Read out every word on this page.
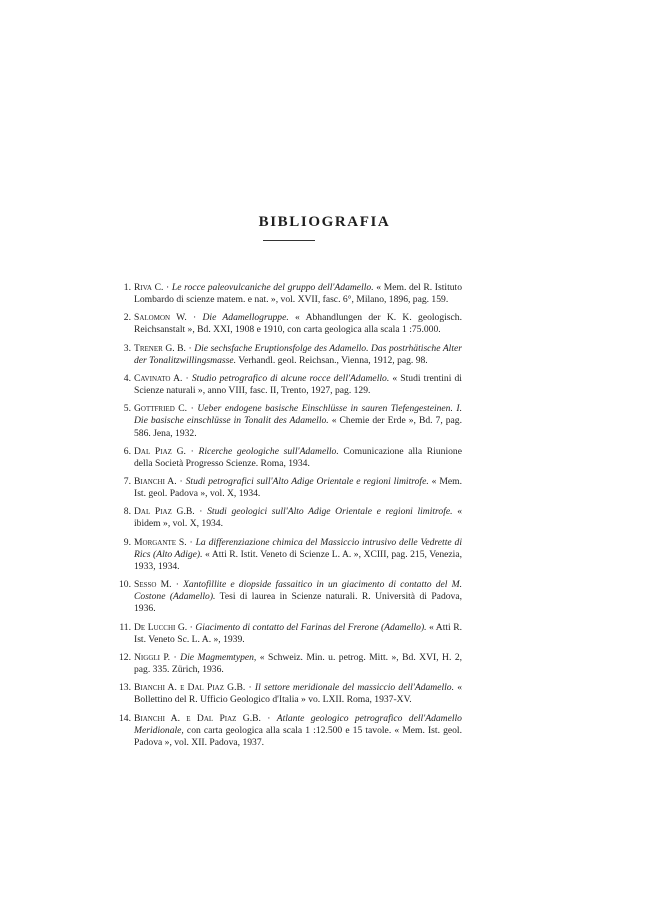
BIBLIOGRAFIA
1. Riva C. · Le rocce paleovulcaniche del gruppo dell'Adamello. « Mem. del R. Istituto Lombardo di scienze matem. e nat. », vol. XVII, fasc. 6°, Milano, 1896, pag. 159.
2. Salomon W. · Die Adamellogruppe. « Abhandlungen der K. K. geologisch. Reichsanstalt », Bd. XXI, 1908 e 1910, con carta geologica alla scala 1 :75.000.
3. Trener G. B. · Die sechsfache Eruptionsfolge des Adamello. Das postrhätische Alter der Tonalitzwillingsmasse. Verhandl. geol. Reichsan., Vienna, 1912, pag. 98.
4. Cavinato A. · Studio petrografico di alcune rocce dell'Adamello. « Studi trentini di Scienze naturali », anno VIII, fasc. II, Trento, 1927, pag. 129.
5. Gottfried C. · Ueber endogene basische Einschlüsse in sauren Tiefengesteinen. I. Die basische einschlüsse in Tonalit des Adamello. « Chemie der Erde », Bd. 7, pag. 586. Jena, 1932.
6. Dal Piaz G. · Ricerche geologiche sull'Adamello. Comunicazione alla Riunione della Società Progresso Scienze. Roma, 1934.
7. Bianchi A. · Studi petrografici sull'Alto Adige Orientale e regioni limitrofe. « Mem. Ist. geol. Padova », vol. X, 1934.
8. Dal Piaz G.B. · Studi geologici sull'Alto Adige Orientale e regioni limitrofe. « ibidem », vol. X, 1934.
9. Morgante S. · La differenziazione chimica del Massiccio intrusivo delle Vedrette di Rics (Alto Adige). « Atti R. Istit. Veneto di Scienze L. A. », XCIII, pag. 215, Venezia, 1933, 1934.
10. Sesso M. · Xantofillite e diopside fassaitico in un giacimento di contatto del M. Costone (Adamello). Tesi di laurea in Scienze naturali. R. Università di Padova, 1936.
11. De Lucchi G. · Giacimento di contatto del Farinas del Frerone (Adamello). « Atti R. Ist. Veneto Sc. L. A. », 1939.
12. Niggli P. · Die Magmemtypen, « Schweiz. Min. u. petrog. Mitt. », Bd. XVI, H. 2, pag. 335. Zürich, 1936.
13. Bianchi A. e Dal Piaz G.B. · Il settore meridionale del massiccio dell'Adamello. « Bollettino del R. Ufficio Geologico d'Italia » vo. LXII. Roma, 1937-XV.
14. Bianchi A. e Dal Piaz G.B. · Atlante geologico petrografico dell'Adamello Meridionale, con carta geologica alla scala 1 :12.500 e 15 tavole. « Mem. Ist. geol. Padova », vol. XII. Padova, 1937.
